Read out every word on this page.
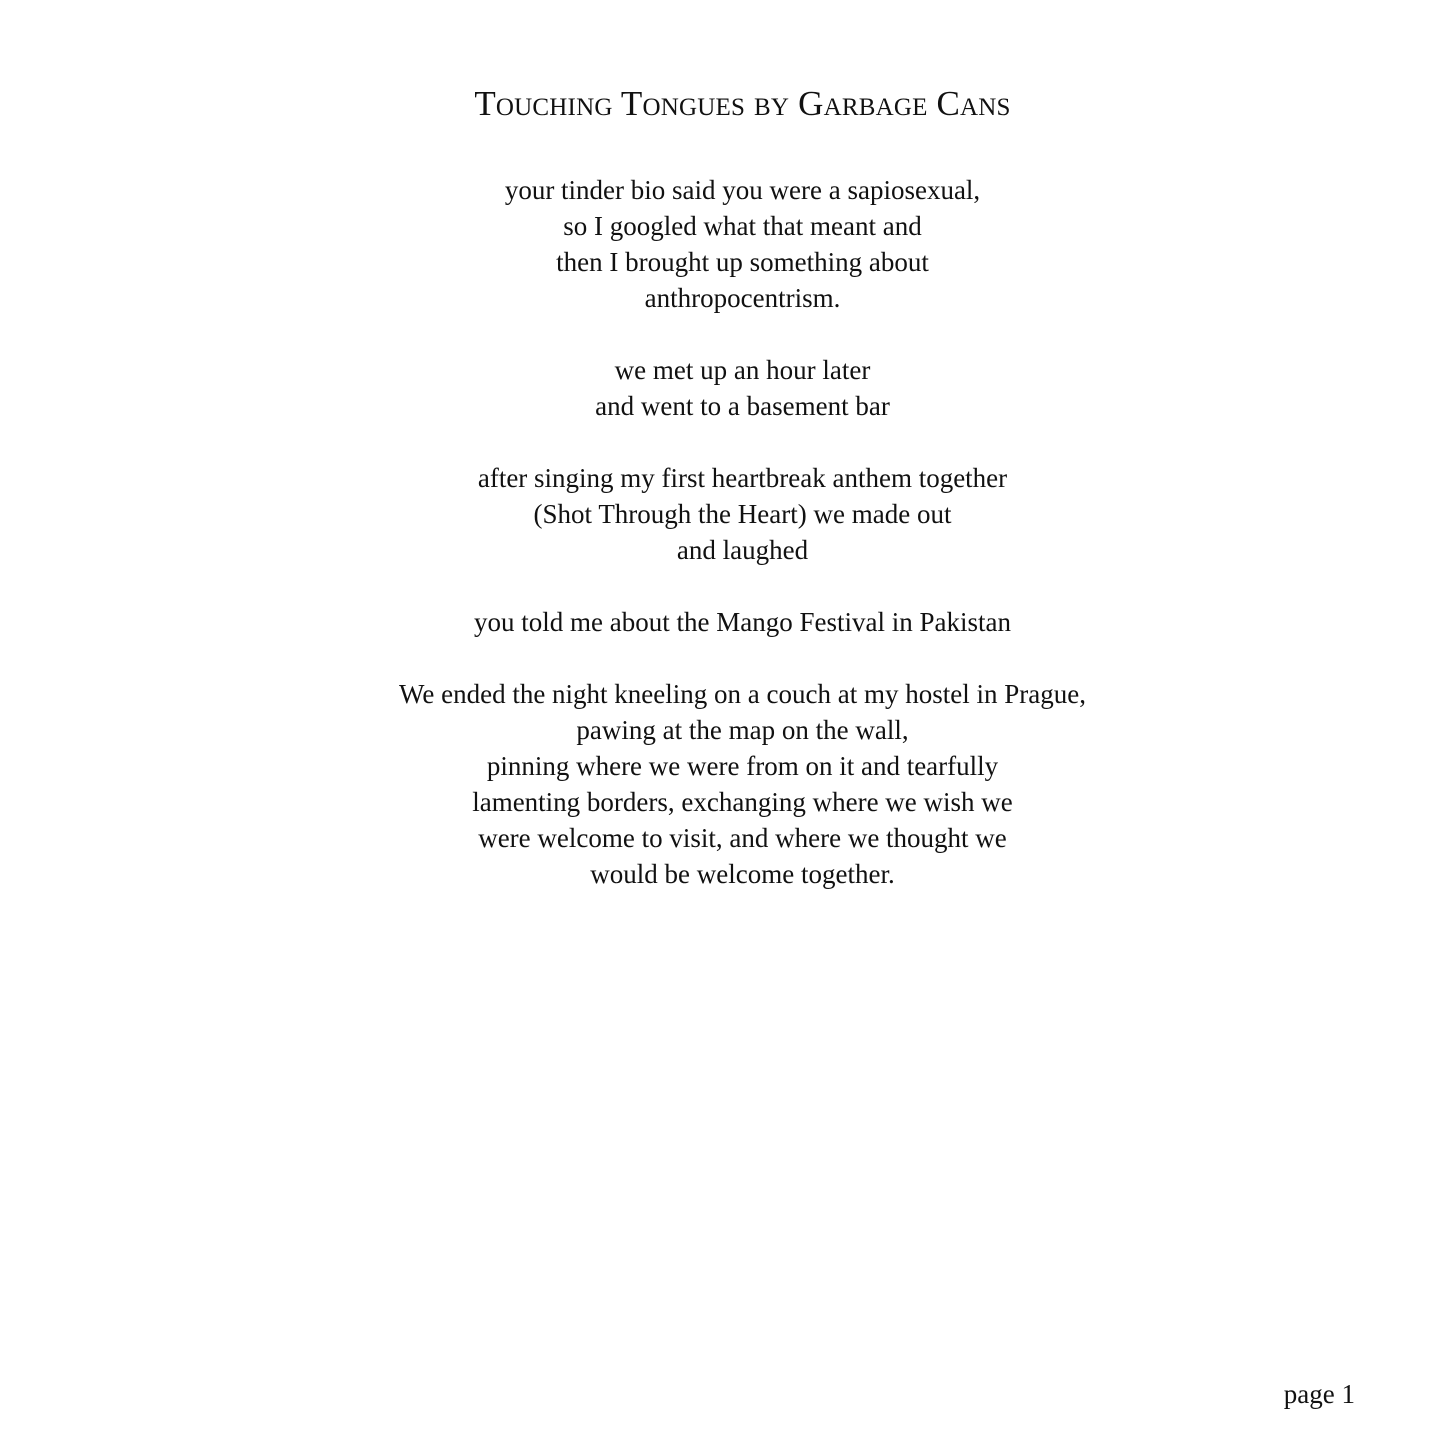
Touching Tongues by Garbage Cans
your tinder bio said you were a sapiosexual,
so I googled what that meant and
then I brought up something about
anthropocentrism.
we met up an hour later
and went to a basement bar
after singing my first heartbreak anthem together
(Shot Through the Heart) we made out
and laughed
you told me about the Mango Festival in Pakistan
We ended the night kneeling on a couch at my hostel in Prague,
pawing at the map on the wall,
pinning where we were from on it and tearfully
lamenting borders, exchanging where we wish we
were welcome to visit, and where we thought we
would be welcome together.
page 1
